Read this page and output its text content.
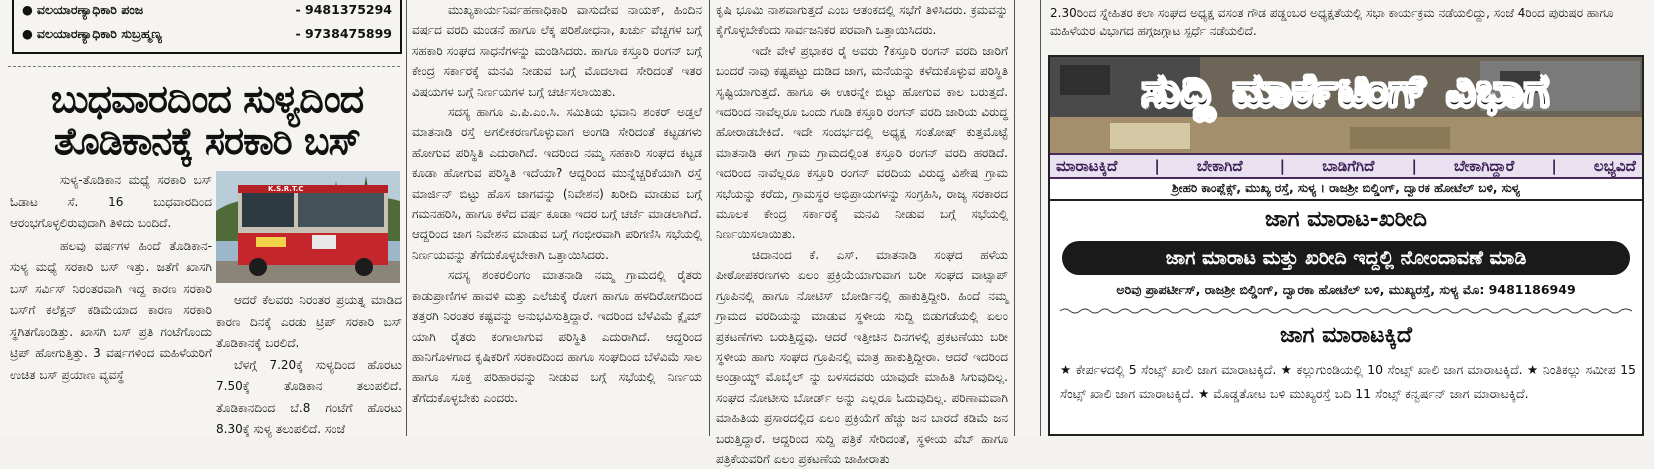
● ವಲಯಾರಣ್ಯಾಧಿಕಾರಿ ಪಂಜ	- 9481375294
● ವಲಯಾರಣ್ಯಾಧಿಕಾರಿ ಸುಬ್ರಹ್ಮಣ್ಯ	- 9738475899
ಬುಧವಾರದಿಂದ ಸುಳ್ಯದಿಂದ
ತೊಡಿಕಾನಕ್ಕೆ ಸರಕಾರಿ ಬಸ್

ಸುಳ್ಯ-ತೊಡಿಕಾನ ಮಧ್ಯೆ ಸರಕಾರಿ ಬಸ್ ಓಡಾಟ ಸೆ. 16 ಬುಧವಾರದಿಂದ ಆರಂಭಗೊಳ್ಳಲಿರುವುದಾಗಿ ತಿಳಿದು ಬಂದಿದೆ.

ಹಲವು ವರ್ಷಗಳ ಹಿಂದೆ ತೊಡಿಕಾನ-ಸುಳ್ಯ ಮಧ್ಯೆ ಸರಕಾರಿ ಬಸ್ ಇತ್ತು. ಜತೆಗೆ ಖಾಸಗಿ ಬಸ್ ಸರ್ವಿಸ್ ನಿರಂತರವಾಗಿ ಇದ್ದ ಕಾರಣ ಸರಕಾರಿ ಬಸ್‌ಗೆ ಕಲೆಕ್ಷನ್ ಕಡಿಮೆಯಾದ ಕಾರಣ ಸರಕಾರಿ ಸ್ಥಗಿತಗೊಂಡಿತ್ತು. ಖಾಸಗಿ ಬಸ್ ಪ್ರತಿ ಗಂಟೆಗೊಂದು ಟ್ರಿಪ್ ಹೋಗುತ್ತಿತ್ತು. 3 ವರ್ಷಗಳಿಂದ ಮಹಿಳೆಯರಿಗೆ ಉಚಿತ ಬಸ್ ಪ್ರಯಾಣ ವ್ಯವಸ್ಥೆ

K.S.R.T.C

ಆದರೆ ಕೆಲವರು ನಿರಂತರ ಪ್ರಯತ್ನ ಮಾಡಿದ ಕಾರಣ ದಿನಕ್ಕೆ ಎರಡು ಟ್ರಿಪ್ ಸರಕಾರಿ ಬಸ್ ತೊಡಿಕಾನಕ್ಕೆ ಬರಲಿದೆ.

ಬೆಳಗ್ಗೆ 7.20ಕ್ಕೆ ಸುಳ್ಯದಿಂದ ಹೊರಟು 7.50ಕ್ಕೆ ತೊಡಿಕಾನ ತಲುಪಲಿದೆ. ತೊಡಿಕಾನದಿಂದ ಬೆ.8 ಗಂಟೆಗೆ ಹೊರಟು 8.30ಕ್ಕೆ ಸುಳ್ಯ ತಲುಪಲಿದೆ. ಸಂಜೆ

ಮುಖ್ಯಕಾರ್ಯನಿರ್ವಹಣಾಧಿಕಾರಿ ವಾಸುದೇವ ನಾಯಕ್, ಹಿಂದಿನ ವರ್ಷದ ವರದಿ ಮಂಡನೆ ಹಾಗೂ ಲೆಕ್ಕ ಪರಿಶೋಧನಾ, ಖರ್ಚು ವೆಚ್ಚಗಳ ಬಗ್ಗೆ ಸಹಕಾರಿ ಸಂಘದ ಸಾಧನೆಗಳನ್ನು ಮಂಡಿಸಿದರು. ಹಾಗೂ ಕಸ್ತೂರಿ ರಂಗನ್ ಬಗ್ಗೆ ಕೇಂದ್ರ ಸರ್ಕಾರಕ್ಕೆ ಮನವಿ ನೀಡುವ ಬಗ್ಗೆ ಮೊದಲಾದ ಸೇರಿದಂತೆ ಇತರ ವಿಷಯಗಳ ಬಗ್ಗೆ ನಿರ್ಣಯಗಳ ಬಗ್ಗೆ ಚರ್ಚಿಸಲಾಯಿತು.

ಸದಸ್ಯ ಹಾಗೂ ಎ.ಪಿ.ಎಂ.ಸಿ. ಸಮಿತಿಯ ಭವಾನಿ ಶಂಕರ್ ಅಡ್ತಲೆ ಮಾತನಾಡಿ ರಸ್ತೆ ಅಗಲೀಕರಣಗೊಳ್ಳುವಾಗ ಅಂಗಡಿ ಸೇರಿದಂತೆ ಕಟ್ಟಡಗಳು ಹೋಗುವ ಪರಿಸ್ಥಿತಿ ಎದುರಾಗಿದೆ. ಇದರಿಂದ ನಮ್ಮ ಸಹಕಾರಿ ಸಂಘದ ಕಟ್ಟಡ ಕೂಡಾ ಹೋಗುವ ಪರಿಸ್ಥಿತಿ ಇದೆಯಾ? ಆದ್ದರಿಂದ ಮುನ್ನೆಚ್ಚರಿಕೆಯಾಗಿ ರಸ್ತೆ ಮಾರ್ಜಿನ್ ಬಿಟ್ಟು ಹೊಸ ಜಾಗವನ್ನು (ನಿವೇಶನ) ಖರೀದಿ ಮಾಡುವ ಬಗ್ಗೆ ಗಮನಹರಿಸಿ, ಹಾಗೂ ಕಳೆದ ವರ್ಷ ಕೂಡಾ ಇದರ ಬಗ್ಗೆ ಚರ್ಚೆ ಮಾಡಲಾಗಿದೆ. ಆದ್ದರಿಂದ ಜಾಗ ನಿವೇಶನ ಮಾಡುವ ಬಗ್ಗೆ ಗಂಭೀರವಾಗಿ ಪರಿಗಣಿಸಿ ಸಭೆಯಲ್ಲಿ ನಿರ್ಣಯವನ್ನು ತೆಗೆದುಕೊಳ್ಳಬೇಕಾಗಿ ಒತ್ತಾಯಿಸಿದರು.

ಸದಸ್ಯ ಶಂಕರಲಿಂಗಂ ಮಾತನಾಡಿ ನಮ್ಮ ಗ್ರಾಮದಲ್ಲಿ ರೈತರು ಕಾಡುಪ್ರಾಣಿಗಳ ಹಾವಳಿ ಮತ್ತು ಎಲೆಚುಕ್ಕೆ ರೋಗ ಹಾಗೂ ಹಳದಿರೋಗದಿಂದ ತತ್ತರಗಿ ನಿರಂತರ ಕಷ್ಟವನ್ನು ಅನುಭವಿಸುತ್ತಿದ್ದಾರೆ. ಇದರಿಂದ ಬೆಳೆವಿಮೆ ಕ್ಲೈಮ್ ಯಾಗಿ ರೈತರು ಕಂಗಾಲಾಗುವ ಪರಿಸ್ಥಿತಿ ಎದುರಾಗಿದೆ. ಆದ್ದರಿಂದ ಹಾನಿಗೊಳಗಾದ ಕೃಷಿಕರಿಗೆ ಸರಕಾರದಿಂದ ಹಾಗೂ ಸಂಘದಿಂದ ಬೆಳೆವಿಮೆ ಸಾಲ ಹಾಗೂ ಸೂಕ್ತ ಪರಿಹಾರವನ್ನು ನೀಡುವ ಬಗ್ಗೆ ಸಭೆಯಲ್ಲಿ ನಿರ್ಣಯ ತೆಗೆದುಕೊಳ್ಳಬೇಕು ಎಂದರು.

ಕೃಷಿ ಭೂಮಿ ನಾಶವಾಗುತ್ತದೆ ಎಂಬ ಆತಂಕದಲ್ಲಿ ಸಭೆಗೆ ತಿಳಿಸಿದರು. ಕ್ರಮವನ್ನು ಕೈಗೊಳ್ಳಬೇಕೆಂದು ಸಾರ್ವಜನಿಕರ ಪರವಾಗಿ ಒತ್ತಾಯಿಸಿದರು.

ಇದೇ ವೇಳೆ ಪ್ರಭಾಕರ ರೈ ಅವರು ?ಕಸ್ತೂರಿ ರಂಗನ್ ವರದಿ ಜಾರಿಗೆ ಬಂದರೆ ನಾವು ಕಷ್ಟಪಟ್ಟು ದುಡಿದ ಜಾಗ, ಮನೆಯನ್ನು ಕಳೆದುಕೊಳ್ಳುವ ಪರಿಸ್ಥಿತಿ ಸೃಷ್ಟಿಯಾಗುತ್ತದೆ. ಹಾಗೂ ಈ ಊರನ್ನೇ ಬಿಟ್ಟು ಹೋಗುವ ಕಾಲ ಬರುತ್ತದೆ. ಇದರಿಂದ ನಾವೆಲ್ಲರೂ ಒಂದು ಗೂಡಿ ಕಸ್ತೂರಿ ರಂಗನ್ ವರದಿ ಜಾರಿಯ ವಿರುದ್ಧ ಹೋರಾಡಬೇಕಿದೆ. ಇದೇ ಸಂದರ್ಭದಲ್ಲಿ ಅಧ್ಯಕ್ಷ ಸಂತೋಷ್ ಕುತ್ತಮೊಟ್ಟೆ ಮಾತನಾಡಿ ಈಗ ಗ್ರಾಮ ಗ್ರಾಮದಲ್ಲಿಂತ ಕಸ್ತೂರಿ ರಂಗನ್ ವರದಿ ಹರಡಿದೆ. ಇದರಿಂದ ನಾವೆಲ್ಲರೂ ಕಸ್ತೂರಿ ರಂಗನ್ ವರದಿಯ ವಿರುದ್ಧ ವಿಶೇಷ ಗ್ರಾಮ ಸಭೆಯನ್ನು ಕರೆದು, ಗ್ರಾಮಸ್ಥರ ಅಭಿಪ್ರಾಯಗಳನ್ನು ಸಂಗ್ರಹಿಸಿ, ರಾಜ್ಯ ಸರಕಾರದ ಮೂಲಕ ಕೇಂದ್ರ ಸರ್ಕಾರಕ್ಕೆ ಮನವಿ ನೀಡುವ ಬಗ್ಗೆ ಸಭೆಯಲ್ಲಿ ನಿರ್ಣಯಿಸಲಾಯಿತು.

ಚಿದಾನಂದ ಕೆ. ಎಸ್. ಮಾತನಾಡಿ ಸಂಘದ ಹಳೆಯ ಪೀಠೋಪಕರಣಗಳು ಏಲಂ ಪ್ರಕ್ರಿಯೆಯಾಗುವಾಗ ಬರೀ ಸಂಘದ ವಾಟ್ಸಾಪ್ ಗ್ರೂಪಿನಲ್ಲಿ ಹಾಗೂ ನೋಟಿಸ್ ಬೋರ್ಡಿನಲ್ಲಿ ಹಾಕುತ್ತಿದ್ದೀರಿ. ಹಿಂದೆ ನಮ್ಮ ಗ್ರಾಮದ ವರದಿಯನ್ನು ಮಾಡುವ ಸ್ಥಳೀಯ ಸುದ್ದಿ ಬಿಡುಗಡೆಯಲ್ಲಿ ಏಲಂ ಪ್ರಕಟಣೆಗಳು ಬರುತ್ತಿದ್ದವು. ಆದರೆ ಇತ್ತೀಚಿನ ದಿನಗಳಲ್ಲಿ ಪ್ರಕಟಣೆಯು ಬರೀ ಸ್ಥಳೀಯ ಹಾಗು ಸಂಘದ ಗ್ರೂಪಿನಲ್ಲಿ ಮಾತ್ರ ಹಾಕುತ್ತಿದ್ದೀರಾ. ಆದರೆ ಇದರಿಂದ ಅಂಡ್ರಾಯ್ಡ್ ಮೊಬೈಲ್ ನ್ನು ಬಳಸದವರು ಯಾವುದೇ ಮಾಹಿತಿ ಸಿಗುವುದಿಲ್ಲ. ಸಂಘದ ನೋಟೀಸು ಬೋರ್ಡ್ ಅನ್ನು ಎಲ್ಲರೂ ಓದುವುದಿಲ್ಲ. ಪರಿಣಾಮವಾಗಿ ಮಾಹಿತಿಯ ಪ್ರಸಾರದಲ್ಲಿದ ಏಲಂ ಪ್ರಕ್ರಿಯೆಗೆ ಹೆಚ್ಚು ಜನ ಬಾರದೆ ಕಡಿಮೆ ಜನ ಬರುತ್ತಿದ್ದಾರೆ. ಆದ್ದರಿಂದ ಸುದ್ದಿ ಪತ್ರಿಕೆ ಸೇರಿದಂತೆ, ಸ್ಥಳೀಯ ವೆಬ್ ಹಾಗೂ ಪತ್ರಿಕೆಯವರಿಗೆ ಏಲಂ ಪ್ರಕಟಣೆಯ ಜಾಹೀರಾತು

2.30ರಿಂದ ಸ್ನೇಹಿತರ ಕಲಾ ಸಂಘದ ಅಧ್ಯಕ್ಷ ವಸಂತ ಗೌಡ ಪಡ್ಡಂಬರ ಅಧ್ಯಕ್ಷತೆಯಲ್ಲಿ ಸಭಾ ಕಾರ್ಯಕ್ರಮ ನಡೆಯಲಿದ್ದು, ಸಂಜೆ 4ರಿಂದ ಪುರುಷರ ಹಾಗೂ ಮಹಿಳೆಯರ ವಿಭಾಗದ ಹಗ್ಗಜಗ್ಗಾಟ ಸ್ಪರ್ಧೆ ನಡೆಯಲಿದೆ.
ಸುದ್ದಿ ಮಾರ್ಕೆಟಿಂಗ್ ವಿಭಾಗ
ಮಾರಾಟಕ್ಕಿದೆ | ಬೇಕಾಗಿದೆ | ಬಾಡಿಗೆಗಿದೆ | ಬೇಕಾಗಿದ್ದಾರೆ | ಲಭ್ಯವಿದೆ
ಶ್ರೀಹರಿ ಕಾಂಪ್ಲೆಕ್ಸ್, ಮುಖ್ಯ ರಸ್ತೆ, ಸುಳ್ಯ । ರಾಜಶ್ರೀ ಬಿಲ್ಡಿಂಗ್, ದ್ವಾರಕ ಹೋಟೆಲ್ ಬಳಿ, ಸುಳ್ಯ
ಜಾಗ ಮಾರಾಟ-ಖರೀದಿ
ಜಾಗ ಮಾರಾಟ ಮತ್ತು ಖರೀದಿ ಇದ್ದಲ್ಲಿ ನೋಂದಾವಣೆ ಮಾಡಿ
ಅರಿವು ಪ್ರಾಪರ್ಟೀಸ್, ರಾಜಶ್ರೀ ಬಿಲ್ಡಿಂಗ್, ದ್ವಾರಕಾ ಹೋಟೆಲ್ ಬಳಿ, ಮುಖ್ಯರಸ್ತೆ, ಸುಳ್ಯ ಮೊ: 9481186949
ಜಾಗ ಮಾರಾಟಕ್ಕಿದೆ
★ ಕೇರ್ಪಳದಲ್ಲಿ 5 ಸೆಂಟ್ಸ್ ಖಾಲಿ ಜಾಗ ಮಾರಾಟಕ್ಕಿದೆ. ★ ಕಲ್ಲುಗುಂಡಿಯಲ್ಲಿ 10 ಸೆಂಟ್ಸ್ ಖಾಲಿ ಜಾಗ ಮಾರಾಟಕ್ಕಿದೆ. ★ ನಿಂತಿಕಲ್ಲು ಸಮೀಪ 15 ಸೆಂಟ್ಸ್ ಖಾಲಿ ಜಾಗ ಮಾರಾಟಕ್ಕಿದೆ. ★ ಮೊಡ್ಡತೋಟ ಬಳಿ ಮುಖ್ಯರಸ್ತೆ ಬದಿ 11 ಸೆಂಟ್ಸ್ ಕನ್ವರ್ಷನ್ ಜಾಗ ಮಾರಾಟಕ್ಕಿದೆ.
